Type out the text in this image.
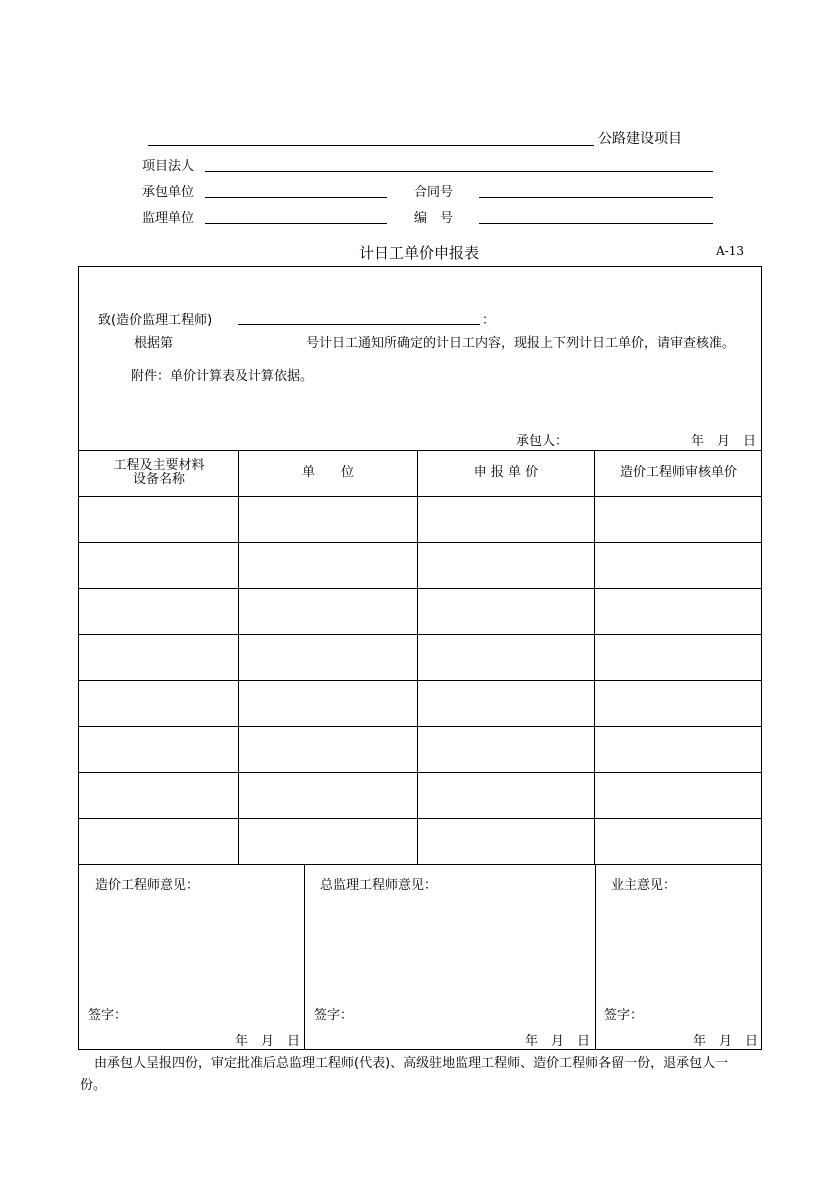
公路建设项目
项目法人
承包单位	合同号
监理单位	编　号
计日工单价申报表	A-13
致(造价监理工程师)	：
根据第	号计日工通知所确定的计日工内容，现报上下列计日工单价，请审查核准。
附件：单价计算表及计算依据。
承包人：	年　月　日
工程及主要材料
设备名称	单　　位	申 报 单 价	造价工程师审核单价
造价工程师意见：	总监理工程师意见：	业主意见：
签字：	签字：	签字：
年　月　日	年　月　日	年　月　日
由承包人呈报四份，审定批准后总监理工程师(代表)、高级驻地监理工程师、造价工程师各留一份，退承包人一份。
